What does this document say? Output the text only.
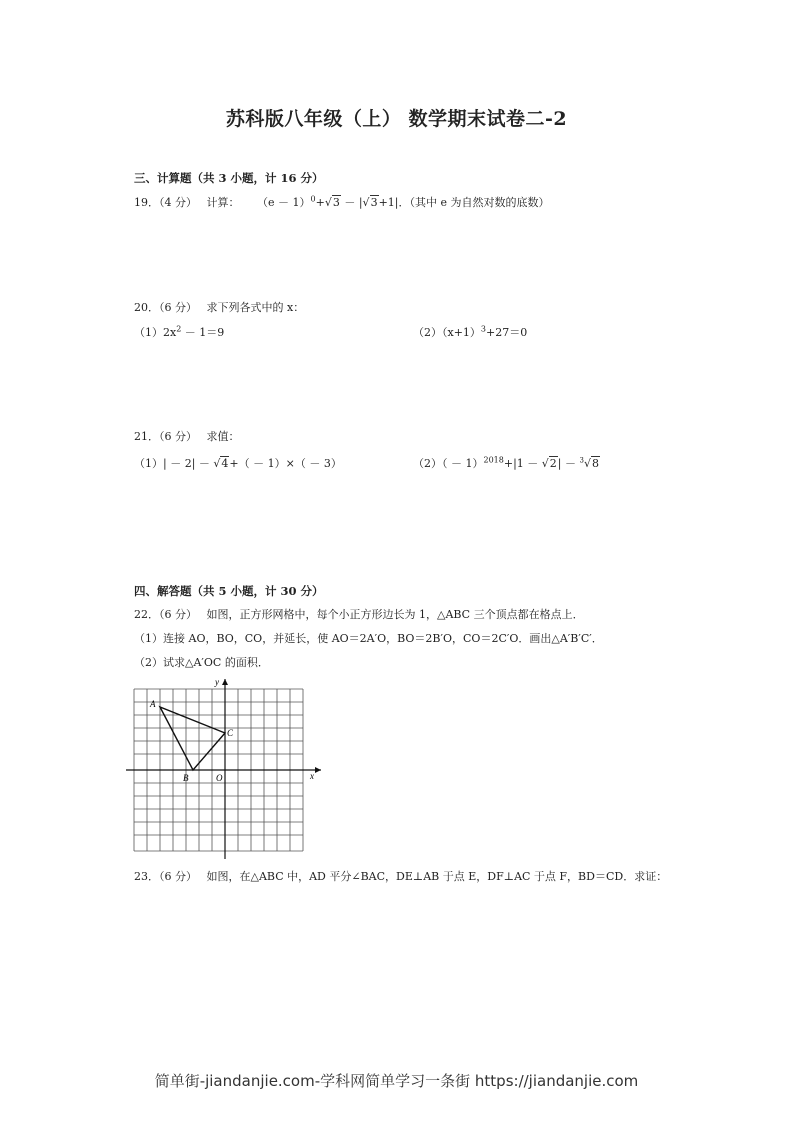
苏科版八年级（上） 数学期末试卷二-2
三、计算题（共 3 小题，计 16 分）
19．（4 分） 计算： $(e - 1)^0+√3 - |√3+1|$．（其中 e 为自然对数的底数）
20．（6 分） 求下列各式中的 x：
$(1)2x^2 - 1=9$	$(2)(x+1)^3+27=0$
21．（6 分） 求值：
（1）| － 2| － √4+（ － 1）×（ － 3）	$(2)( - 1)^{2018}+|1 - √2| - ^3√8$
四、解答题（共 5 小题，计 30 分）
22．（6 分） 如图，正方形网格中，每个小正方形边长为 1，△ABC 三个顶点都在格点上．
（1）连接 AO，BO，CO，并延长，使 AO＝2A′O，BO＝2B′O，CO＝2C′O．画出△A′B′C′．
（2）试求△A′OC 的面积．
A
B
C
O	x
y
23．（6 分） 如图，在△ABC 中，AD 平分∠BAC，DE⊥AB 于点 E，DF⊥AC 于点 F，BD＝CD．求证：
简单街-jiandanjie.com-学科网简单学习一条街 https://jiandanjie.com
